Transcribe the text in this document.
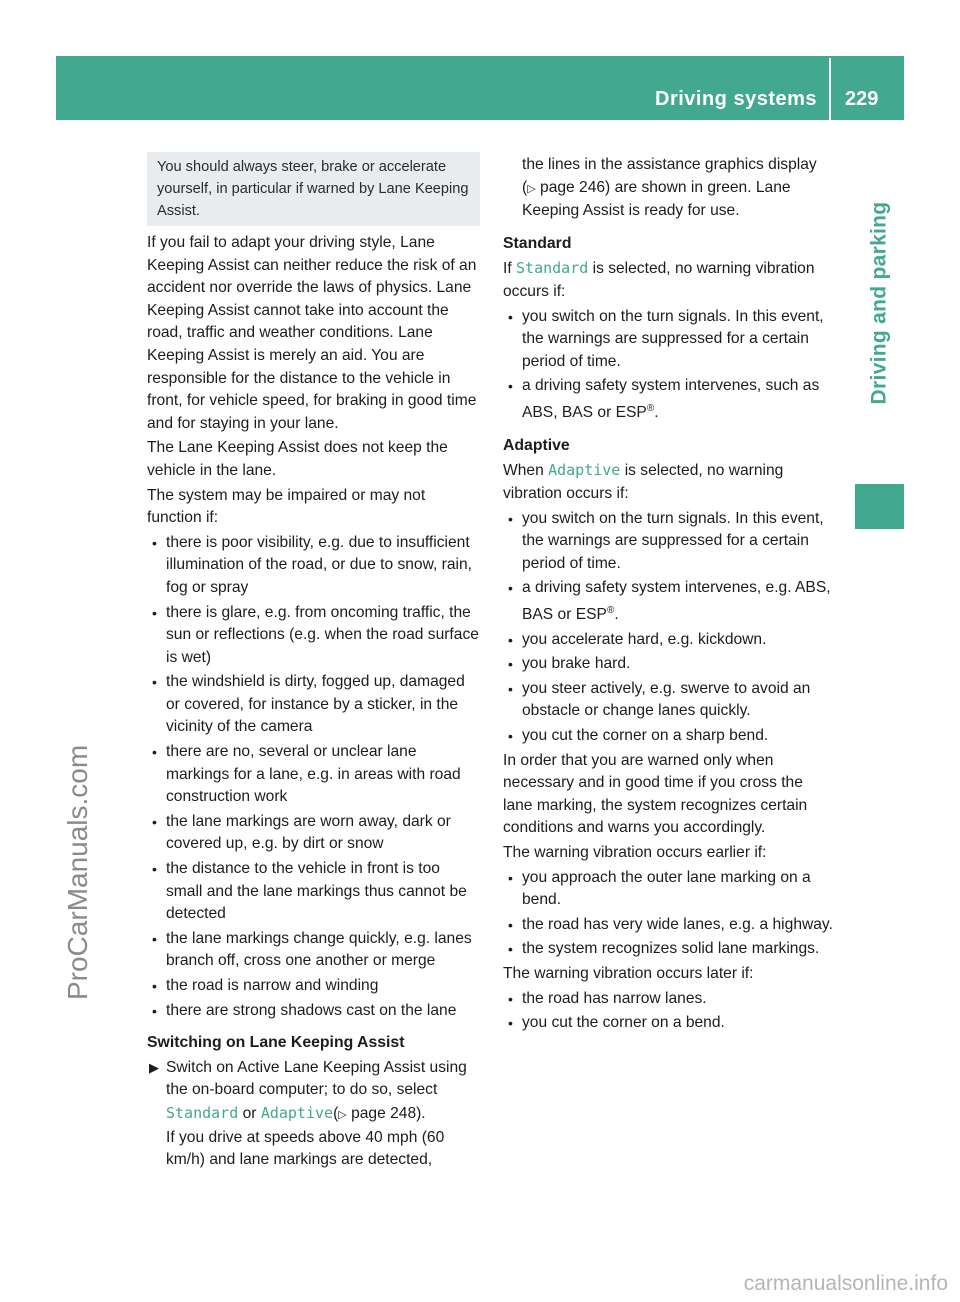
Driving systems 229
Driving and parking
ProCarManuals.com
carmanualsonline.info
You should always steer, brake or accelerate yourself, in particular if warned by Lane Keeping Assist.

If you fail to adapt your driving style, Lane Keeping Assist can neither reduce the risk of an accident nor override the laws of physics. Lane Keeping Assist cannot take into account the road, traffic and weather conditions. Lane Keeping Assist is merely an aid. You are responsible for the distance to the vehicle in front, for vehicle speed, for braking in good time and for staying in your lane.

The Lane Keeping Assist does not keep the vehicle in the lane.

The system may be impaired or may not function if:

• there is poor visibility, e.g. due to insufficient illumination of the road, or due to snow, rain, fog or spray
• there is glare, e.g. from oncoming traffic, the sun or reflections (e.g. when the road surface is wet)
• the windshield is dirty, fogged up, damaged or covered, for instance by a sticker, in the vicinity of the camera
• there are no, several or unclear lane markings for a lane, e.g. in areas with road construction work
• the lane markings are worn away, dark or covered up, e.g. by dirt or snow
• the distance to the vehicle in front is too small and the lane markings thus cannot be detected
• the lane markings change quickly, e.g. lanes branch off, cross one another or merge
• the road is narrow and winding
• there are strong shadows cast on the lane
Switching on Lane Keeping Assist
▶ Switch on Active Lane Keeping Assist using the on-board computer; to do so, select Standard or Adaptive(▷ page 248).
If you drive at speeds above 40 mph (60 km/h) and lane markings are detected,

the lines in the assistance graphics display (▷ page 246) are shown in green. Lane Keeping Assist is ready for use.

Standard

If Standard is selected, no warning vibration occurs if:

• you switch on the turn signals. In this event, the warnings are suppressed for a certain period of time.
• a driving safety system intervenes, such as ABS, BAS or ESP®.
Adaptive

When Adaptive is selected, no warning vibration occurs if:

• you switch on the turn signals. In this event, the warnings are suppressed for a certain period of time.
• a driving safety system intervenes, e.g. ABS, BAS or ESP®.
• you accelerate hard, e.g. kickdown.
• you brake hard.
• you steer actively, e.g. swerve to avoid an obstacle or change lanes quickly.
• you cut the corner on a sharp bend.

In order that you are warned only when necessary and in good time if you cross the lane marking, the system recognizes certain conditions and warns you accordingly.

The warning vibration occurs earlier if:

• you approach the outer lane marking on a bend.
• the road has very wide lanes, e.g. a highway.
• the system recognizes solid lane markings.

The warning vibration occurs later if:

• the road has narrow lanes.
• you cut the corner on a bend.
